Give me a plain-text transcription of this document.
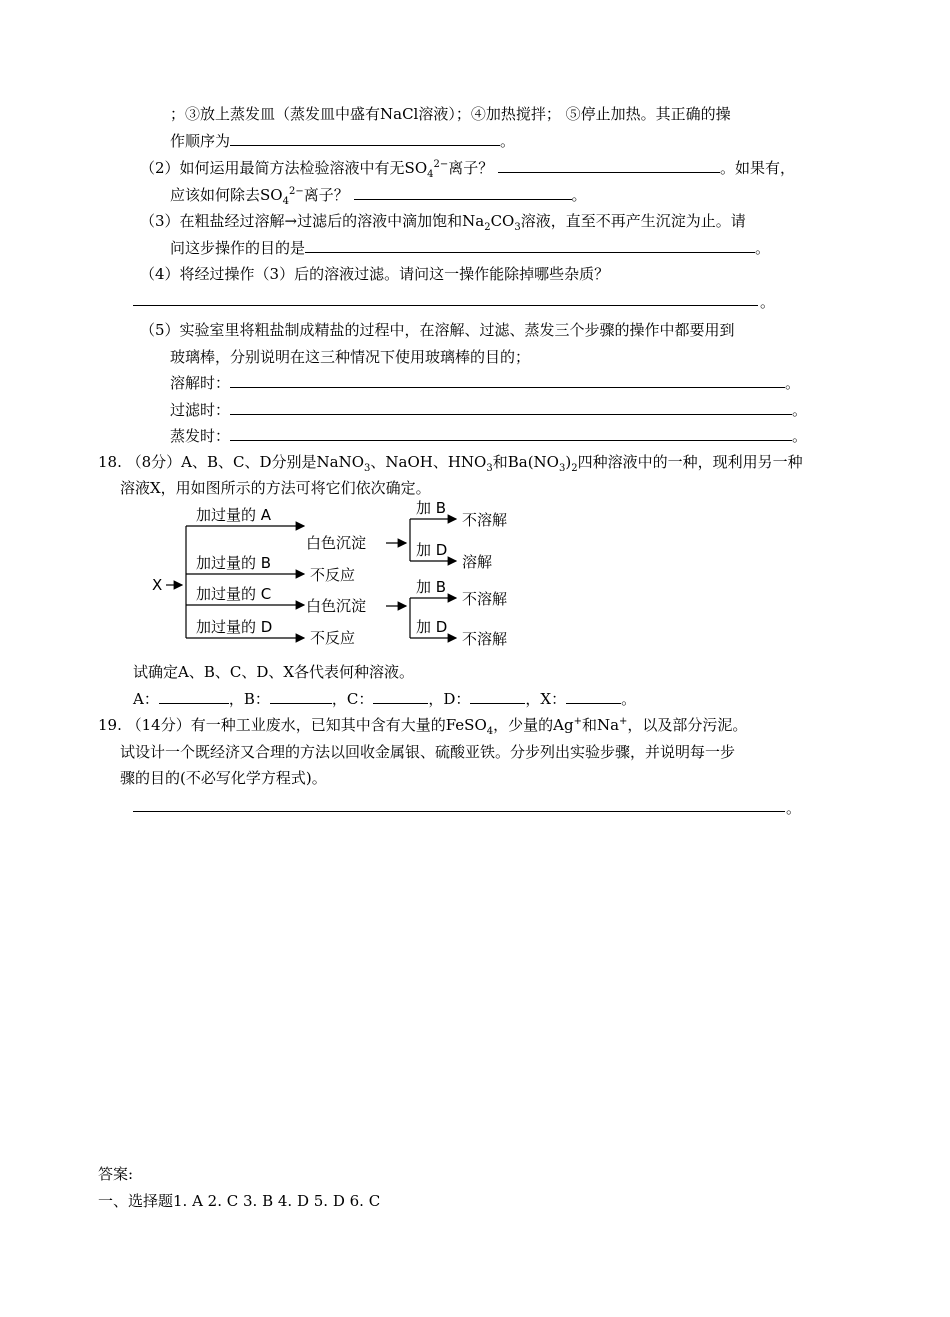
；③放上蒸发皿（蒸发皿中盛有NaCl溶液）；④加热搅拌； ⑤停止加热。其正确的操
作顺序为	。
（2）如何运用最简方法检验溶液中有无$SO_4^{2-}$离子？	。如果有，
应该如何除去$SO_4^{2-}$离子？	。
（3）在粗盐经过溶解→过滤后的溶液中滴加饱和$Na_2CO_3$溶液，直至不再产生沉淀为止。请
问这步操作的目的是	。
（4）将经过操作（3）后的溶液过滤。请问这一操作能除掉哪些杂质？
。
（5）实验室里将粗盐制成精盐的过程中，在溶解、过滤、蒸发三个步骤的操作中都要用到
玻璃棒，分别说明在这三种情况下使用玻璃棒的目的；
溶解时：	。
过滤时：	。
蒸发时：	。
18. （8分）A、B、C、D分别是NaNO$_3$、NaOH、$HNO_3$和$Ba(NO_3)_2$四种溶液中的一种，现利用另一种
溶液X，用如图所示的方法可将它们依次确定。
X
加过量的 A
加过量的 B
加过量的 C
加过量的 D
白色沉淀
不反应
白色沉淀
不反应
加 B
加 D
不溶解
溶解
加 B
加 D
不溶解
不溶解
试确定A、B、C、D、X各代表何种溶液。
A：	，B：	，C：	，D：	，X：	。
19. （14分）有一种工业废水，已知其中含有大量的FeSO$_4$，少量的Ag+和Na+，以及部分污泥。
试设计一个既经济又合理的方法以回收金属银、硫酸亚铁。分步列出实验步骤，并说明每一步
骤的目的(不必写化学方程式)。
。
答案:
一、选择题1. A 2. C 3. B 4. D 5. D 6. C
